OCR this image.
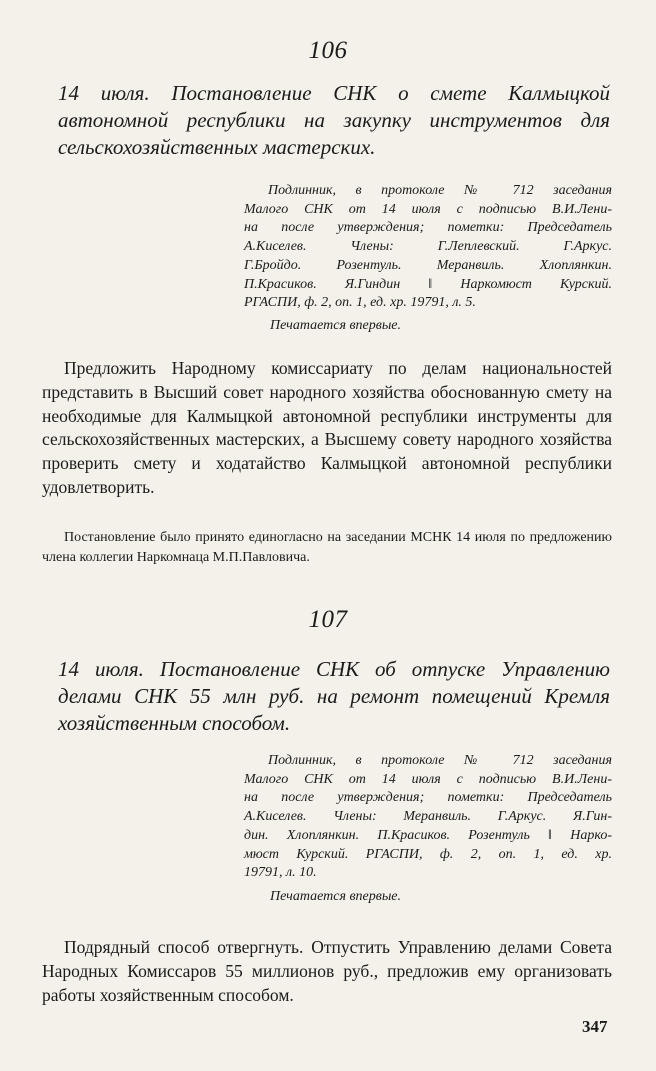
106

14 июля. Постановление СНК о смете Калмыцкой автономной республики на закупку инструментов для сельскохозяйственных мастерских.

Подлинник, в протоколе № 712 заседания
Малого СНК от 14 июля с подписью В.И.Лени-
на после утверждения; пометки: Председатель
А.Киселев. Члены: Г.Леплевский. Г.Аркус.
Г.Бройдо. Розентуль. Меранвиль. Хлоплянкин.
П.Красиков. Я.Гиндин ‖ Наркомюст Курский.
РГАСПИ, ф. 2, оп. 1, ед. хр. 19791, л. 5.
Печатается впервые.

Предложить Народному комиссариату по делам национальностей представить в Высший совет народного хозяйства обоснованную смету на необходимые для Калмыцкой автономной республики инструменты для сельскохозяйственных мастерских, а Высшему совету народного хозяйства проверить смету и ходатайство Калмыцкой автономной республики удовлетворить.

Постановление было принято единогласно на заседании МСНК 14 июля по предложению члена коллегии Наркомнаца М.П.Павловича.

107

14 июля. Постановление СНК об отпуске Управлению делами СНК 55 млн руб. на ремонт помещений Кремля хозяйственным способом.

Подлинник, в протоколе № 712 заседания
Малого СНК от 14 июля с подписью В.И.Лени-
на после утверждения; пометки: Председатель
А.Киселев. Члены: Меранвиль. Г.Аркус. Я.Гин-
дин. Хлоплянкин. П.Красиков. Розентуль ‖ Нарко-
мюст Курский. РГАСПИ, ф. 2, оп. 1, ед. хр.
19791, л. 10.
Печатается впервые.

Подрядный способ отвергнуть. Отпустить Управлению делами Совета Народных Комиссаров 55 миллионов руб., предложив ему организовать работы хозяйственным способом.

347
